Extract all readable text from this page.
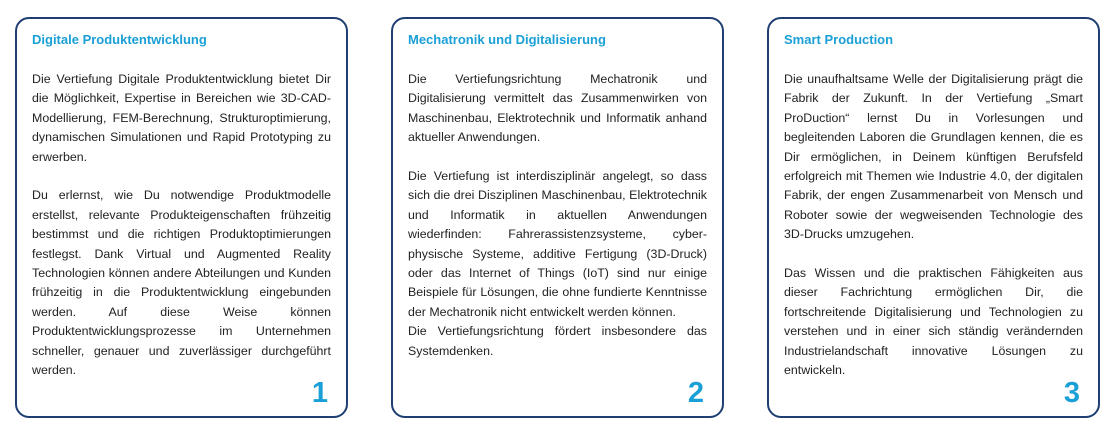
Digitale Produktentwicklung

Die Vertiefung Digitale Produktentwicklung bietet Dir die Möglichkeit, Expertise in Bereichen wie 3D-CAD-Modellierung, FEM-Berechnung, Strukturoptimierung, dynamischen Simulationen und Rapid Prototyping zu erwerben.

Du erlernst, wie Du notwendige Produktmodelle erstellst, relevante Produkteigenschaften frühzeitig bestimmst und die richtigen Produktoptimierungen festlegst. Dank Virtual und Augmented Reality Technologien können andere Abteilungen und Kunden frühzeitig in die Produktentwicklung eingebunden werden. Auf diese Weise können Produktentwicklungsprozesse im Unternehmen schneller, genauer und zuverlässiger durchgeführt werden.

1
Mechatronik und Digitalisierung

Die Vertiefungsrichtung Mechatronik und Digitalisierung vermittelt das Zusammenwirken von Maschinenbau, Elektrotechnik und Informatik anhand aktueller Anwendungen.

Die Vertiefung ist interdisziplinär angelegt, so dass sich die drei Disziplinen Maschinenbau, Elektrotechnik und Informatik in aktuellen Anwendungen wiederfinden: Fahrerassistenzsysteme, cyber-physische Systeme, additive Fertigung (3D-Druck) oder das Internet of Things (IoT) sind nur einige Beispiele für Lösungen, die ohne fundierte Kenntnisse der Mechatronik nicht entwickelt werden können.

Die Vertiefungsrichtung fördert insbesondere das Systemdenken.

2
Smart Production

Die unaufhaltsame Welle der Digitalisierung prägt die Fabrik der Zukunft. In der Vertiefung „Smart ProDuction“ lernst Du in Vorlesungen und begleitenden Laboren die Grundlagen kennen, die es Dir ermöglichen, in Deinem künftigen Berufsfeld erfolgreich mit Themen wie Industrie 4.0, der digitalen Fabrik, der engen Zusammenarbeit von Mensch und Roboter sowie der wegweisenden Technologie des 3D-Drucks umzugehen.

Das Wissen und die praktischen Fähigkeiten aus dieser Fachrichtung ermöglichen Dir, die fortschreitende Digitalisierung und Technologien zu verstehen und in einer sich ständig verändernden Industrielandschaft innovative Lösungen zu entwickeln.

3
